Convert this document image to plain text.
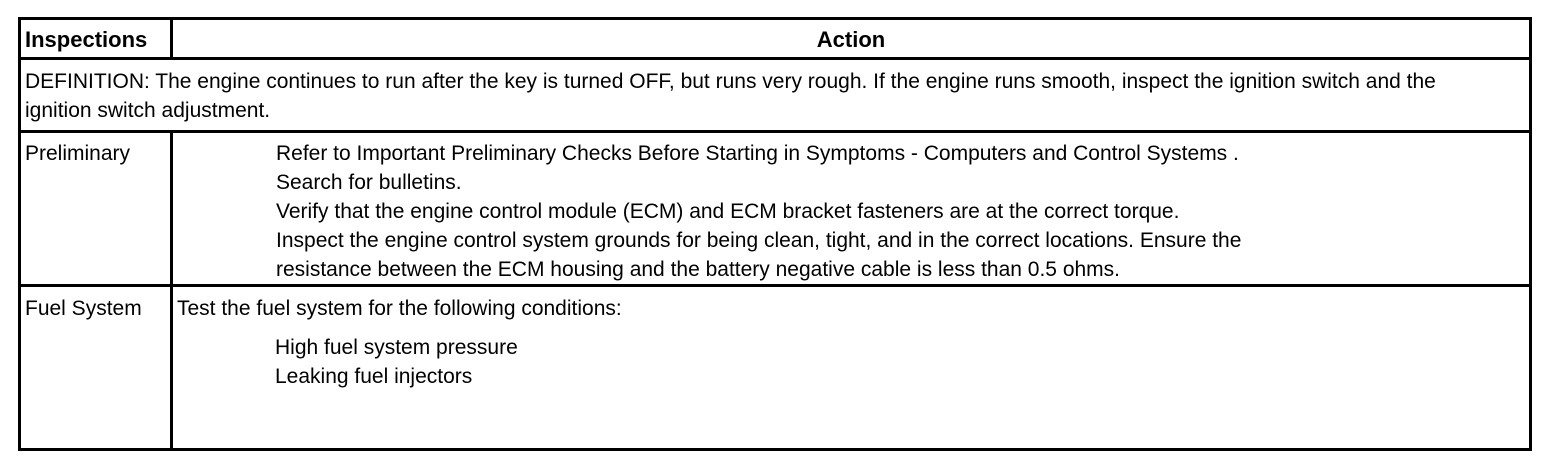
Inspections	Action
DEFINITION: The engine continues to run after the key is turned OFF, but runs very rough. If the engine runs smooth, inspect the ignition switch and the ignition switch adjustment.
Preliminary	Refer to Important Preliminary Checks Before Starting in Symptoms - Computers and Control Systems .
Search for bulletins.
Verify that the engine control module (ECM) and ECM bracket fasteners are at the correct torque.
Inspect the engine control system grounds for being clean, tight, and in the correct locations. Ensure the
resistance between the ECM housing and the battery negative cable is less than 0.5 ohms.
Fuel System Test the fuel system for the following conditions:
High fuel system pressure
Leaking fuel injectors
